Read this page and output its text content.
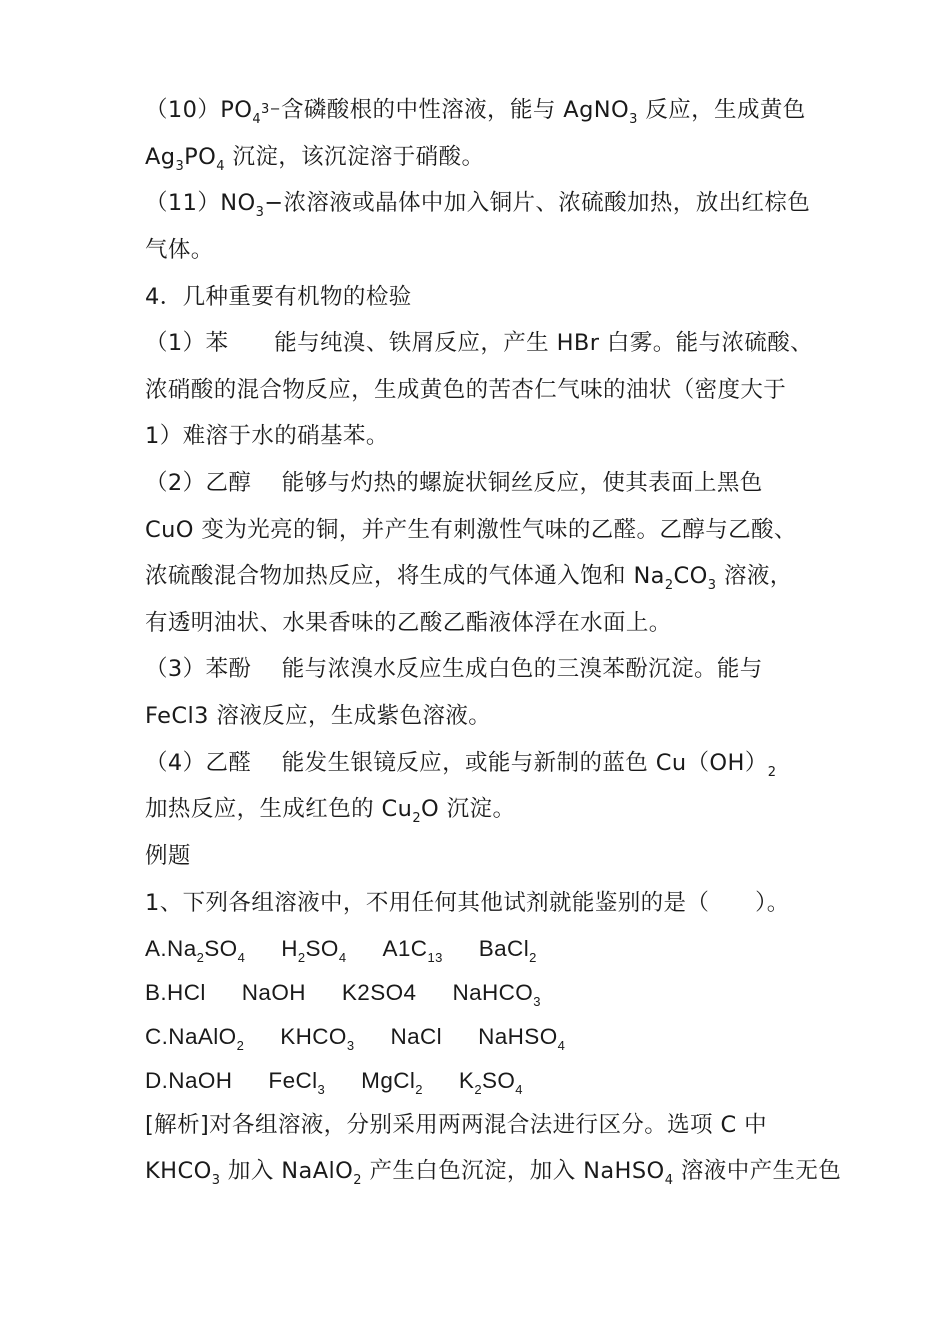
$(10)PO_43-$含磷酸根的中性溶液，能与 AgNO$_3$ 反应，生成黄色
$Ag_3PO_4$ 沉淀，该沉淀溶于硝酸。
$(11)NO_3-$浓溶液或晶体中加入铜片、浓硫酸加热，放出红棕色
气体。
4．几种重要有机物的检验
（1）苯　　能与纯溴、铁屑反应，产生 HBr 白雾。能与浓硫酸、
浓硝酸的混合物反应，生成黄色的苦杏仁气味的油状（密度大于
1）难溶于水的硝基苯。
（2）乙醇　 能够与灼热的螺旋状铜丝反应，使其表面上黑色
CuO 变为光亮的铜，并产生有刺激性气味的乙醛。乙醇与乙酸、
浓硫酸混合物加热反应，将生成的气体通入饱和 $Na_2CO_3$ 溶液，
有透明油状、水果香味的乙酸乙酯液体浮在水面上。
（3）苯酚　 能与浓溴水反应生成白色的三溴苯酚沉淀。能与
FeCl3 溶液反应，生成紫色溶液。
（4）乙醛　 能发生银镜反应，或能与新制的蓝色 $Cu(OH)_2$
加热反应，生成红色的 $Cu_2O$ 沉淀。
例题
1、下列各组溶液中，不用任何其他试剂就能鉴别的是（　　）。
$A.Na_2SO_4$ $H_2SO_4$ $A1C_{13}$ BaCl$_2$
B.HCl NaOH K2SO4 NaHCO$_3$
C.NaAlO$_2$ $KHCO_3$ NaCl NaHSO$_4$
D.NaOH FeCl$_3$ MgCl$_2$ $K_2SO_4$
[解析]对各组溶液，分别采用两两混合法进行区分。选项 C 中
$KHCO_3$ 加入 NaAlO$_2$ 产生白色沉淀，加入 NaHSO$_4$ 溶液中产生无色
